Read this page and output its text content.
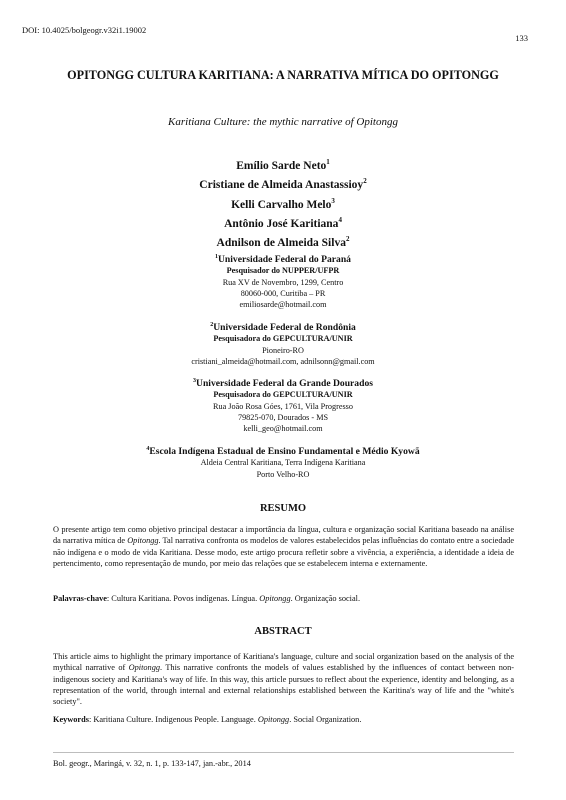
DOI: 10.4025/bolgeogr.v32i1.19002
133
OPITONGG CULTURA KARITIANA: A NARRATIVA MÍTICA DO OPITONGG
Karitiana Culture: the mythic narrative of Opitongg
Emílio Sarde Neto$^1$
Cristiane de Almeida Anastassioy$^2$
Kelli Carvalho Melo$^3$
Antônio José Karitiana$^4$
Adnilson de Almeida Silva$^2$
$^1$Universidade Federal do Paraná
Pesquisador do NUPPER/UFPR
Rua XV de Novembro, 1299, Centro
80060-000, Curitiba – PR
emiliosarde@hotmail.com
$^2$Universidade Federal de Rondônia
Pesquisadora do GEPCULTURA/UNIR
Pioneiro-RO
cristiani_almeida@hotmail.com, adnilsonn@gmail.com
$^3$Universidade Federal da Grande Dourados
Pesquisadora do GEPCULTURA/UNIR
Rua João Rosa Góes, 1761, Vila Progresso
79825-070, Dourados - MS
kelli_geo@hotmail.com
$^4$Escola Indígena Estadual de Ensino Fundamental e Médio Kyowã
Aldeia Central Karitiana, Terra Indígena Karitiana
Porto Velho-RO
RESUMO
O presente artigo tem como objetivo principal destacar a importância da língua, cultura e organização social Karitiana baseado na análise da narrativa mítica de Opitongg. Tal narrativa confronta os modelos de valores estabelecidos pelas influências do contato entre a sociedade não indígena e o modo de vida Karitiana. Desse modo, este artigo procura refletir sobre a vivência, a experiência, a identidade a ideia de pertencimento, como representação de mundo, por meio das relações que se estabelecem interna e externamente.
Palavras-chave: Cultura Karitiana. Povos indígenas. Língua. Opitongg. Organização social.
ABSTRACT
This article aims to highlight the primary importance of Karitiana's language, culture and social organization based on the analysis of the mythical narrative of Opitongg. This narrative confronts the models of values established by the influences of contact between non-indigenous society and Karitiana's way of life. In this way, this article pursues to reflect about the experience, identity and belonging, as a representation of the world, through internal and external relationships established between the Karitina's way of life and the "white's society".
Keywords: Karitiana Culture. Indigenous People. Language. Opitongg. Social Organization.
Bol. geogr., Maringá, v. 32, n. 1, p. 133-147, jan.-abr., 2014
